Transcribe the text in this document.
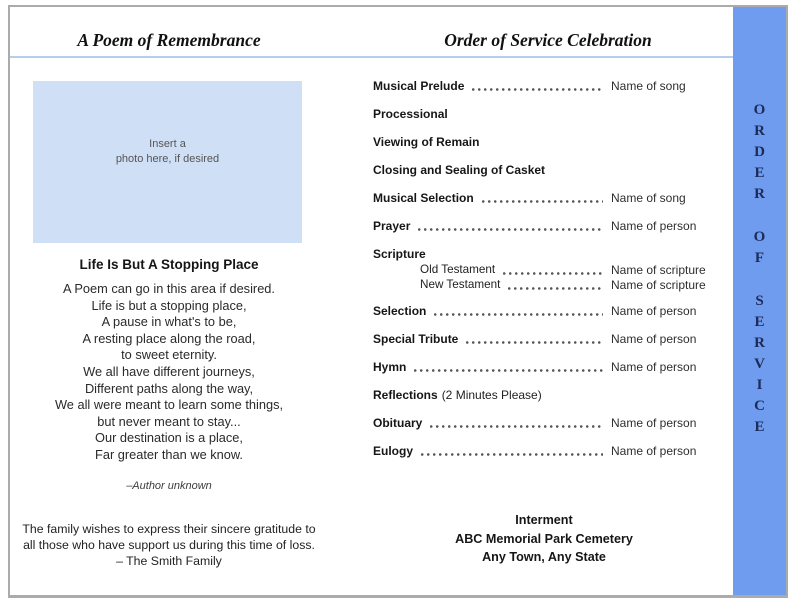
A Poem of Remembrance	Order of Service Celebration
Insert a
photo here, if desired
Life Is But A Stopping Place
A Poem can go in this area if desired.
Life is but a stopping place,
A pause in what's to be,
A resting place along the road,
to sweet eternity.
We all have different journeys,
Different paths along the way,
We all were meant to learn some things,
but never meant to stay...
Our destination is a place,
Far greater than we know.
–Author unknown
The family wishes to express their sincere gratitude to
all those who have support us during this time of loss.
– The Smith Family
Musical Prelude	Name of song
Processional
Viewing of Remain
Closing and Sealing of Casket
Musical Selection	Name of song
Prayer	Name of person
Scripture
Old Testament	Name of scripture
New Testament	Name of scripture
Selection	Name of person
Special Tribute	Name of person
Hymn	Name of person
Reflections (2 Minutes Please)
Obituary	Name of person
Eulogy	Name of person
Interment
ABC Memorial Park Cemetery
Any Town, Any State
O
R
D
E
R
O
F
S
E
R
V
I
C
E
